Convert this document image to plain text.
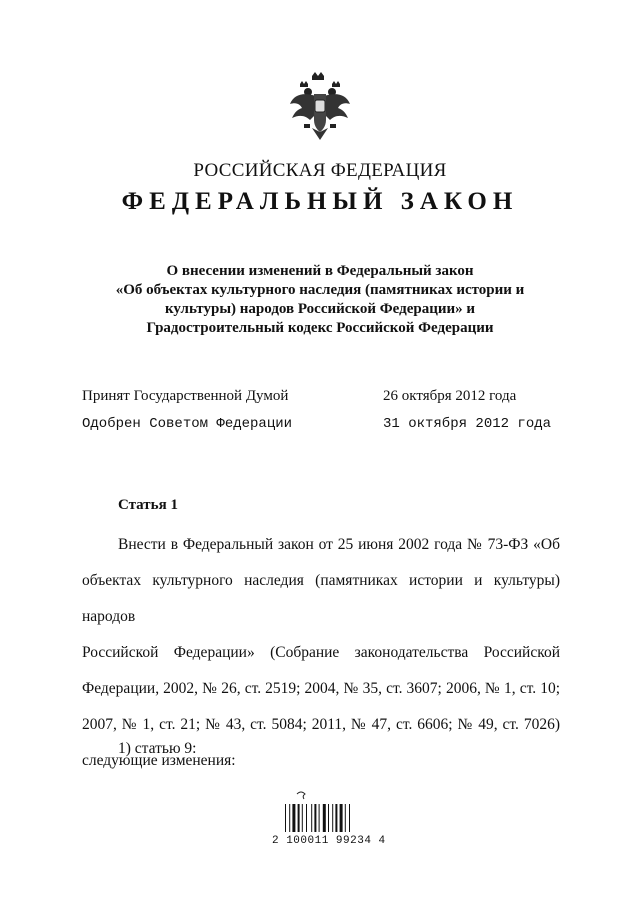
РОССИЙСКАЯ ФЕДЕРАЦИЯ
ФЕДЕРАЛЬНЫЙ ЗАКОН
О внесении изменений в Федеральный закон
«Об объектах культурного наследия (памятниках истории и
культуры) народов Российской Федерации» и
Градостроительный кодекс Российской Федерации
Принят Государственной Думой	26 октября 2012 года
Одобрен Советом Федерации	31 октября 2012 года
Статья 1

Внести в Федеральный закон от 25 июня 2002 года № 73-ФЗ «Об

объектах культурного наследия (памятниках истории и культуры) народов

Российской Федерации» (Собрание законодательства Российской

Федерации, 2002, № 26, ст. 2519; 2004, № 35, ст. 3607; 2006, № 1, ст. 10;

2007, № 1, ст. 21; № 43, ст. 5084; 2011, № 47, ст. 6606; № 49, ст. 7026)

следующие изменения:

1) статью 9:
2 100011 99234 4
